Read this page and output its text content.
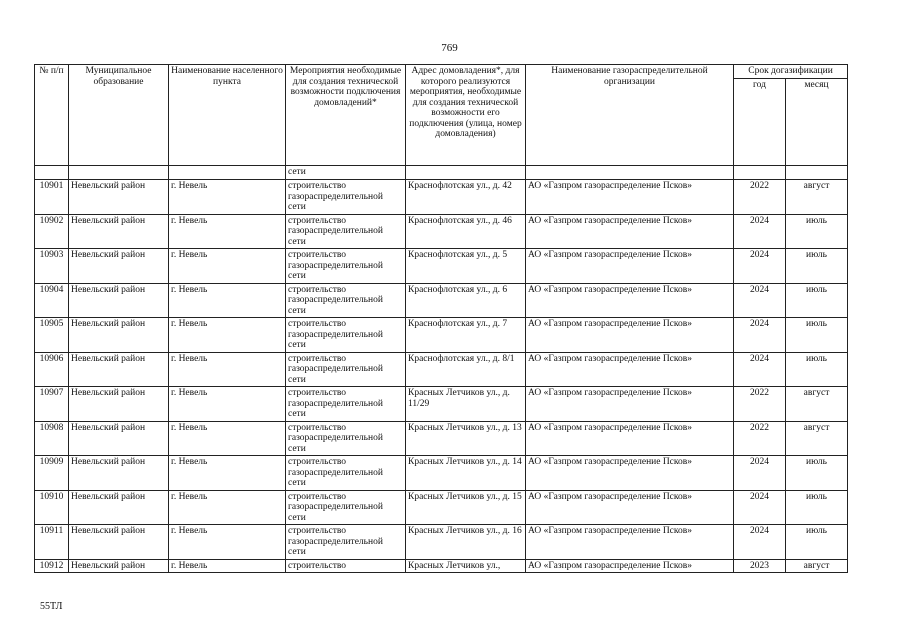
769
№ п/п	Муниципальное образование	Наименование населенного пункта	Мероприятия необходимые для создания технической возможности подключения домовладений*	Адрес домовладения*, для которого реализуются мероприятия, необходимые для создания технической возможности его подключения (улица, номер домовладения)	Наименование газораспределительной организации	Срок догазификации	
						год	месяц
			сети				
10901	Невельский район	г. Невель	строительство газораспределительной сети	Краснофлотская ул., д. 42	АО «Газпром газораспределение Псков»	2022	август
10902	Невельский район	г. Невель	строительство газораспределительной сети	Краснофлотская ул., д. 46	АО «Газпром газораспределение Псков»	2024	июль
10903	Невельский район	г. Невель	строительство газораспределительной сети	Краснофлотская ул., д. 5	АО «Газпром газораспределение Псков»	2024	июль
10904	Невельский район	г. Невель	строительство газораспределительной сети	Краснофлотская ул., д. 6	АО «Газпром газораспределение Псков»	2024	июль
10905	Невельский район	г. Невель	строительство газораспределительной сети	Краснофлотская ул., д. 7	АО «Газпром газораспределение Псков»	2024	июль
10906	Невельский район	г. Невель	строительство газораспределительной сети	Краснофлотская ул., д. 8/1	АО «Газпром газораспределение Псков»	2024	июль
10907	Невельский район	г. Невель	строительство газораспределительной сети	Красных Летчиков ул., д. 11/29	АО «Газпром газораспределение Псков»	2022	август
10908	Невельский район	г. Невель	строительство газораспределительной сети	Красных Летчиков ул., д. 13	АО «Газпром газораспределение Псков»	2022	август
10909	Невельский район	г. Невель	строительство газораспределительной сети	Красных Летчиков ул., д. 14	АО «Газпром газораспределение Псков»	2024	июль
10910	Невельский район	г. Невель	строительство газораспределительной сети	Красных Летчиков ул., д. 15	АО «Газпром газораспределение Псков»	2024	июль
10911	Невельский район	г. Невель	строительство газораспределительной сети	Красных Летчиков ул., д. 16	АО «Газпром газораспределение Псков»	2024	июль
10912	Невельский район	г. Невель	строительство	Красных Летчиков ул.,	АО «Газпром газораспределение Псков»	2023	август
55ТЛ
